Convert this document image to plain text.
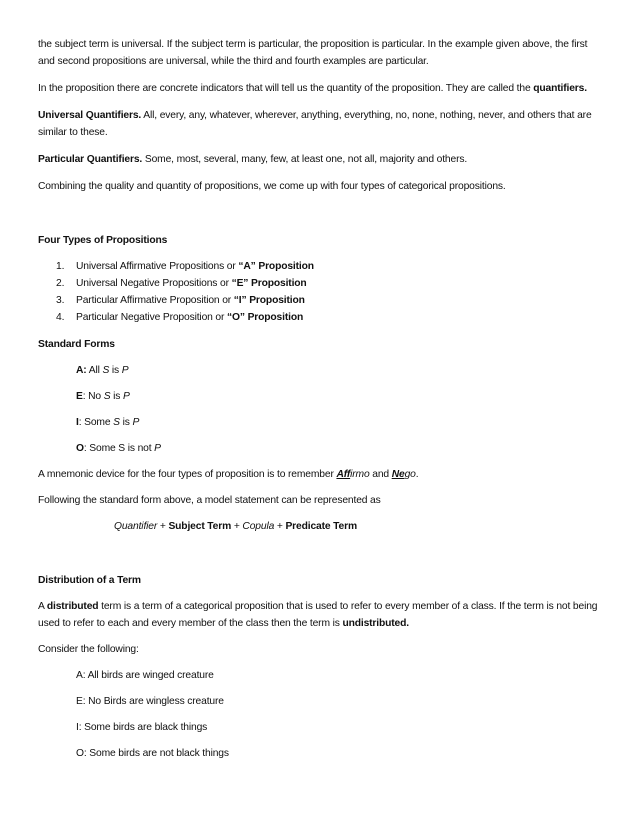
the subject term is universal. If the subject term is particular, the proposition is particular. In the example given above, the first and second propositions are universal, while the third and fourth examples are particular.

In the proposition there are concrete indicators that will tell us the quantity of the proposition. They are called the quantifiers.

Universal Quantifiers. All, every, any, whatever, wherever, anything, everything, no, none, nothing, never, and others that are similar to these.

Particular Quantifiers. Some, most, several, many, few, at least one, not all, majority and others.

Combining the quality and quantity of propositions, we come up with four types of categorical propositions.

Four Types of Propositions

1. Universal Affirmative Propositions or “A” Proposition
2. Universal Negative Propositions or “E” Proposition
3. Particular Affirmative Proposition or “I” Proposition
4. Particular Negative Proposition or “O” Proposition

Standard Forms

A: All S is P

E: No S is P

I: Some S is P

O: Some S is not P

A mnemonic device for the four types of proposition is to remember Affirmo and Nego.

Following the standard form above, a model statement can be represented as

Quantifier + Subject Term + Copula + Predicate Term

Distribution of a Term

A distributed term is a term of a categorical proposition that is used to refer to every member of a class. If the term is not being used to refer to each and every member of the class then the term is undistributed.

Consider the following:

A: All birds are winged creature

E: No Birds are wingless creature

I: Some birds are black things

O: Some birds are not black things
